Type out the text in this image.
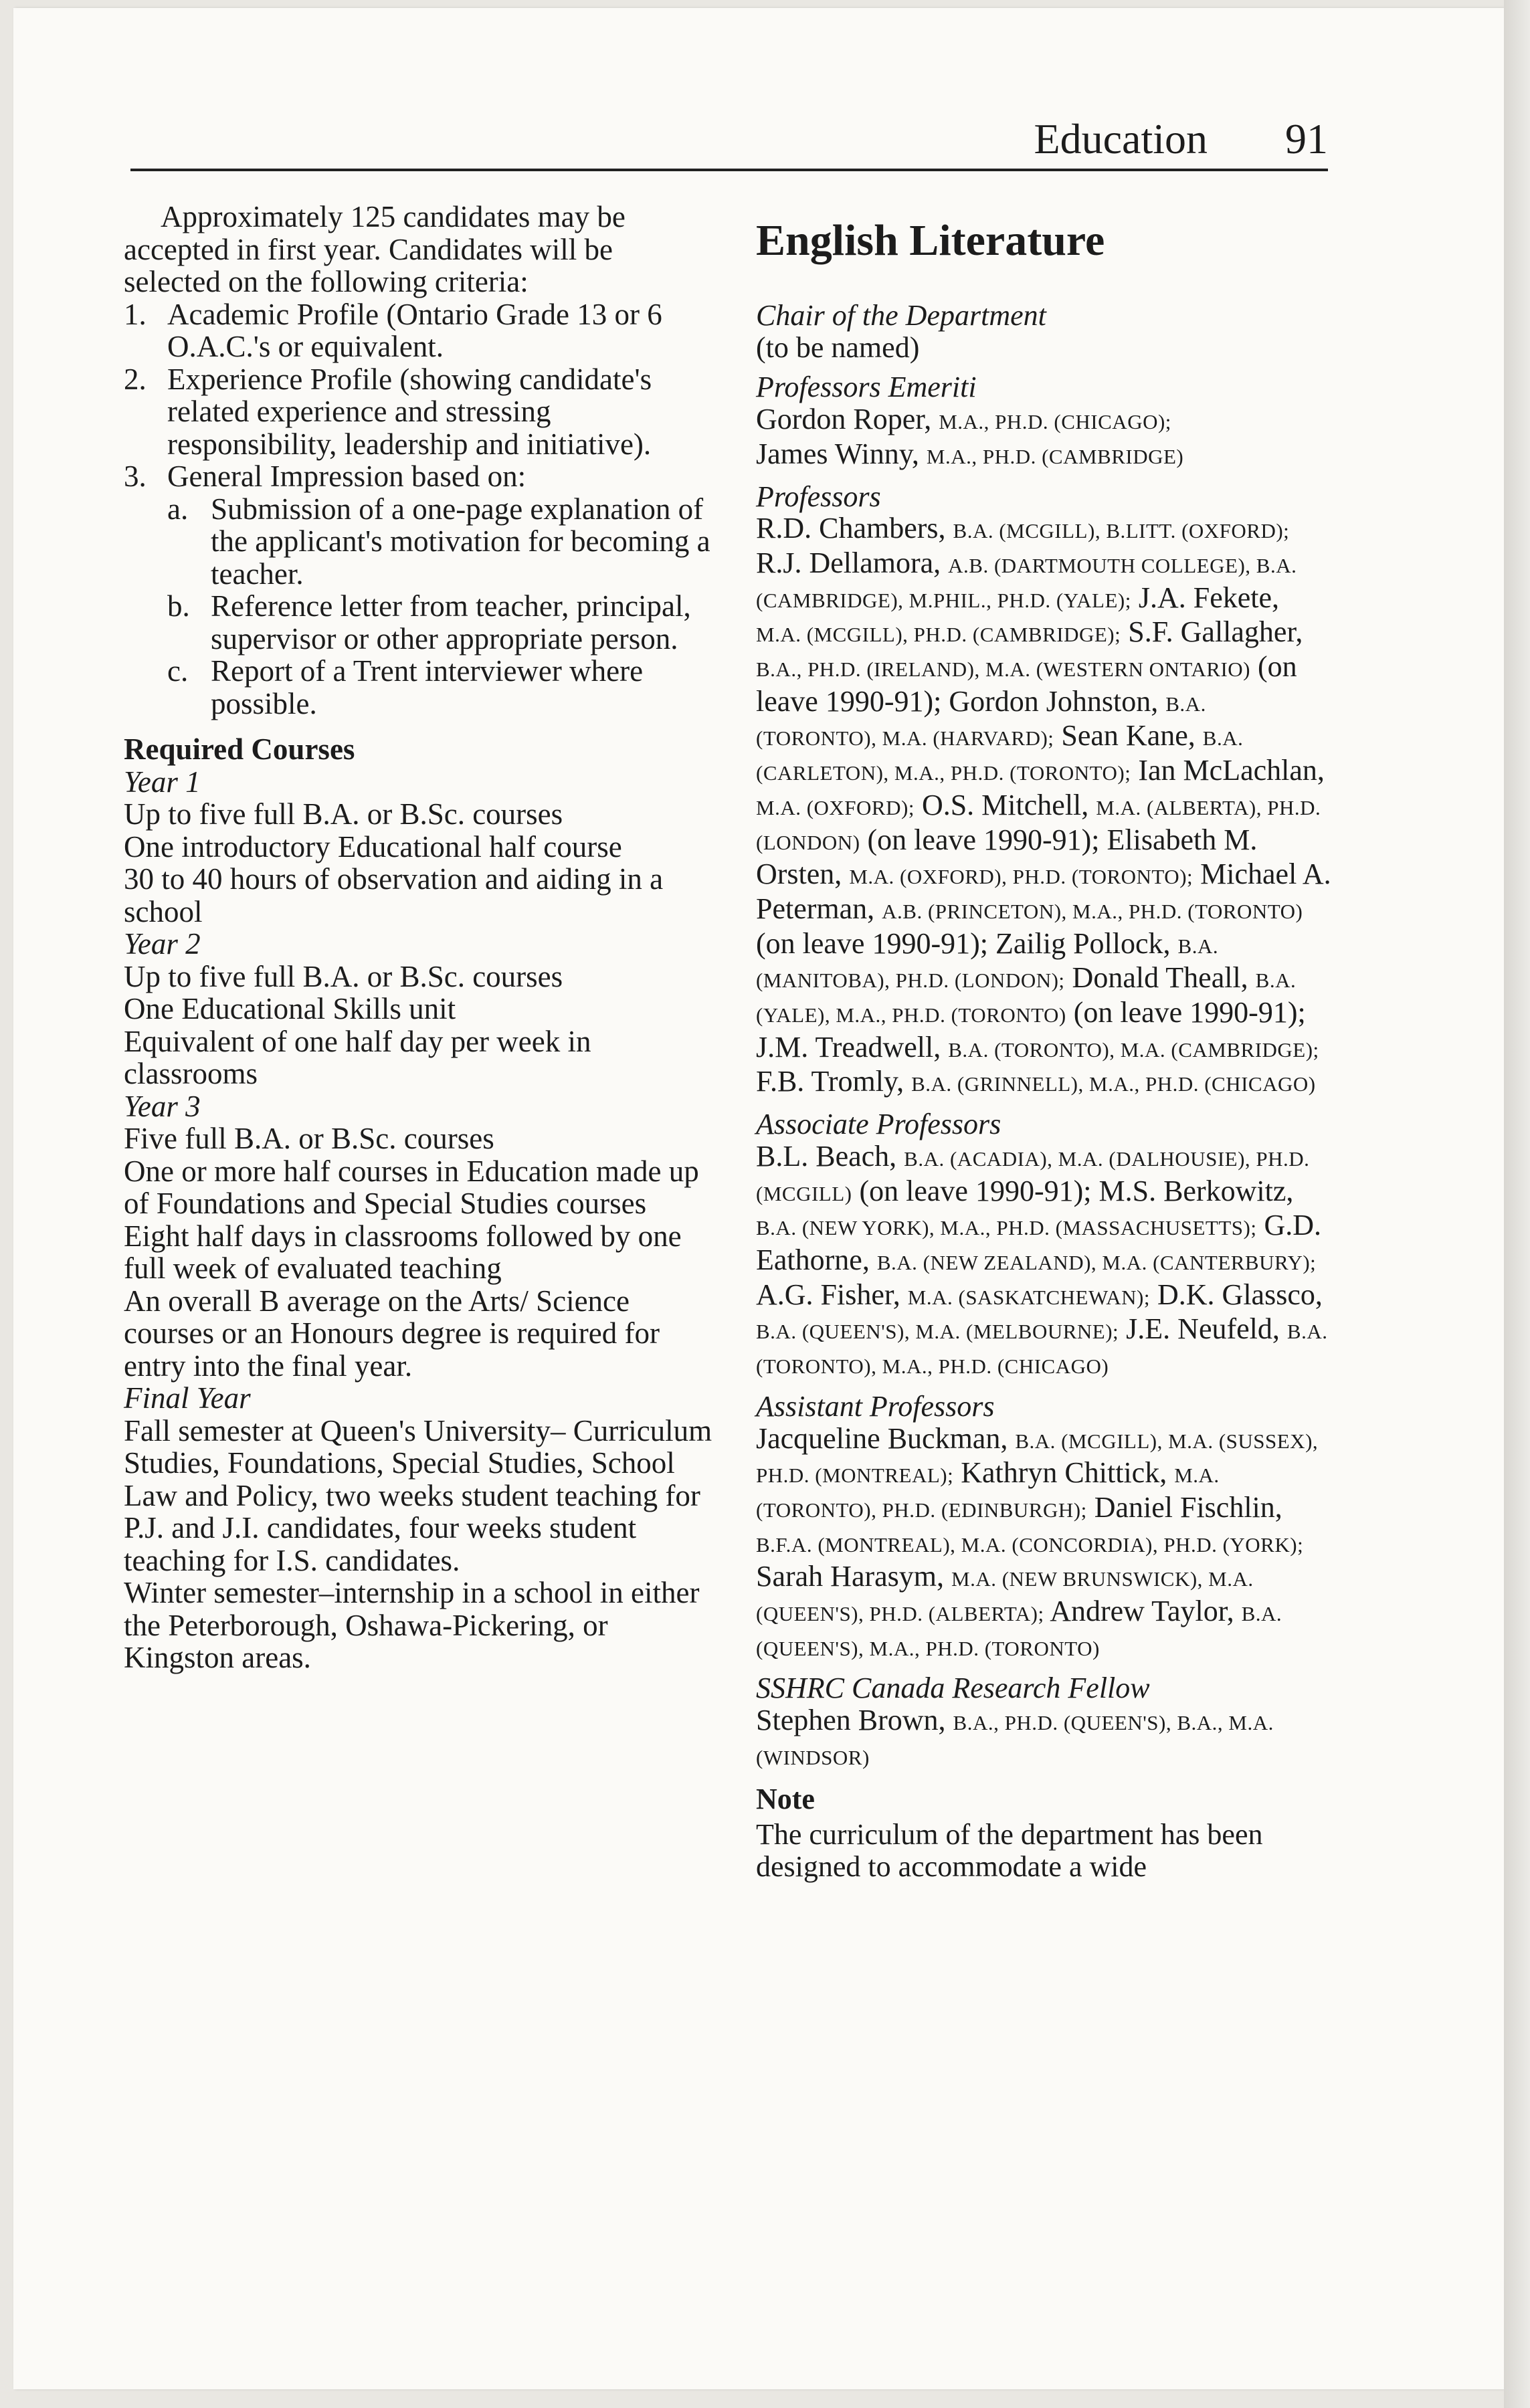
Education 91

Approximately 125 candidates may be accepted in first year. Candidates will be selected on the following criteria:

1. Academic Profile (Ontario Grade 13 or 6 O.A.C.'s or equivalent.
2. Experience Profile (showing candidate's related experience and stressing responsibility, leadership and initiative).
3. General Impression based on:
a. Submission of a one-page explanation of the applicant's motivation for becoming a teacher.
b. Reference letter from teacher, principal, supervisor or other appropriate person.
c. Report of a Trent interviewer where possible.
Required Courses
Year 1

Up to five full B.A. or B.Sc. courses

One introductory Educational half course

30 to 40 hours of observation and aiding in a school

Year 2

Up to five full B.A. or B.Sc. courses

One Educational Skills unit

Equivalent of one half day per week in classrooms

Year 3

Five full B.A. or B.Sc. courses

One or more half courses in Education made up of Foundations and Special Studies courses

Eight half days in classrooms followed by one full week of evaluated teaching

An overall B average on the Arts/ Science courses or an Honours degree is required for entry into the final year.

Final Year

Fall semester at Queen's University– Curriculum Studies, Foundations, Special Studies, School Law and Policy, two weeks student teaching for P.J. and J.I. candidates, four weeks student teaching for I.S. candidates.

Winter semester–internship in a school in either the Peterborough, Oshawa-Pickering, or Kingston areas.

English Literature
Chair of the Department

(to be named)

Professors Emeriti

Gordon Roper, M.A., PH.D. (CHICAGO);
James Winny, M.A., PH.D. (CAMBRIDGE)

Professors

R.D. Chambers, B.A. (MCGILL), B.LITT. (OXFORD); R.J. Dellamora, A.B. (DARTMOUTH COLLEGE), B.A. (CAMBRIDGE), M.PHIL., PH.D. (YALE); J.A. Fekete, M.A. (MCGILL), PH.D. (CAMBRIDGE); S.F. Gallagher, B.A., PH.D. (IRELAND), M.A. (WESTERN ONTARIO) (on leave 1990-91); Gordon Johnston, B.A. (TORONTO), M.A. (HARVARD); Sean Kane, B.A. (CARLETON), M.A., PH.D. (TORONTO); Ian McLachlan, M.A. (OXFORD); O.S. Mitchell, M.A. (ALBERTA), PH.D. (LONDON) (on leave 1990-91); Elisabeth M. Orsten, M.A. (OXFORD), PH.D. (TORONTO); Michael A. Peterman, A.B. (PRINCETON), M.A., PH.D. (TORONTO) (on leave 1990-91); Zailig Pollock, B.A. (MANITOBA), PH.D. (LONDON); Donald Theall, B.A. (YALE), M.A., PH.D. (TORONTO) (on leave 1990-91); J.M. Treadwell, B.A. (TORONTO), M.A. (CAMBRIDGE); F.B. Tromly, B.A. (GRINNELL), M.A., PH.D. (CHICAGO)

Associate Professors

B.L. Beach, B.A. (ACADIA), M.A. (DALHOUSIE), PH.D. (MCGILL) (on leave 1990-91); M.S. Berkowitz, B.A. (NEW YORK), M.A., PH.D. (MASSACHUSETTS); G.D. Eathorne, B.A. (NEW ZEALAND), M.A. (CANTERBURY); A.G. Fisher, M.A. (SASKATCHEWAN); D.K. Glassco, B.A. (QUEEN'S), M.A. (MELBOURNE); J.E. Neufeld, B.A. (TORONTO), M.A., PH.D. (CHICAGO)

Assistant Professors

Jacqueline Buckman, B.A. (MCGILL), M.A. (SUSSEX), PH.D. (MONTREAL); Kathryn Chittick, M.A. (TORONTO), PH.D. (EDINBURGH); Daniel Fischlin, B.F.A. (MONTREAL), M.A. (CONCORDIA), PH.D. (YORK); Sarah Harasym, M.A. (NEW BRUNSWICK), M.A. (QUEEN'S), PH.D. (ALBERTA); Andrew Taylor, B.A. (QUEEN'S), M.A., PH.D. (TORONTO)

SSHRC Canada Research Fellow

Stephen Brown, B.A., PH.D. (QUEEN'S), B.A., M.A. (WINDSOR)

Note

The curriculum of the department has been designed to accommodate a wide
